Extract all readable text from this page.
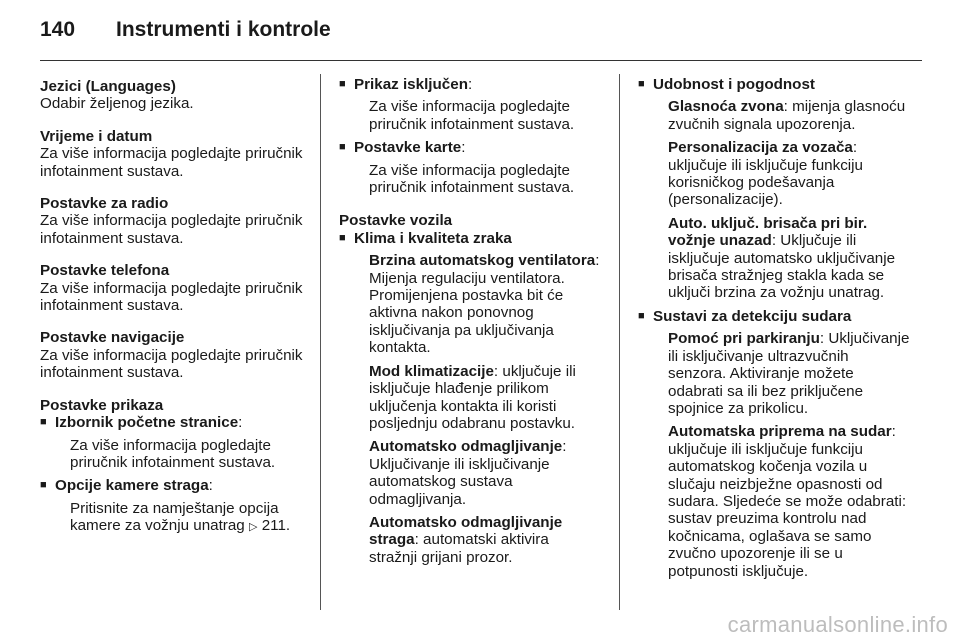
140 Instrumenti i kontrole
Jezici (Languages)
Odabir željenog jezika.
Vrijeme i datum
Za više informacija pogledajte priručnik infotainment sustava.
Postavke za radio
Za više informacija pogledajte priručnik infotainment sustava.
Postavke telefona
Za više informacija pogledajte priručnik infotainment sustava.
Postavke navigacije
Za više informacija pogledajte priručnik infotainment sustava.
Postavke prikaza
■ Izbornik početne stranice:
Za više informacija pogledajte priručnik infotainment sustava.
■ Opcije kamere straga:
Pritisnite za namještanje opcija kamere za vožnju unatrag ▷ 211.
■ Prikaz isključen:
Za više informacija pogledajte priručnik infotainment sustava.
■ Postavke karte:
Za više informacija pogledajte priručnik infotainment sustava.
Postavke vozila
■ Klima i kvaliteta zraka
Brzina automatskog ventilatora: Mijenja regulaciju ventilatora. Promijenjena postavka bit će aktivna nakon ponovnog isključivanja pa uključivanja kontakta.
Mod klimatizacije: uključuje ili isključuje hlađenje prilikom uključenja kontakta ili koristi posljednju odabranu postavku.
Automatsko odmagljivanje: Uključivanje ili isključivanje automatskog sustava odmagljivanja.
Automatsko odmagljivanje straga: automatski aktivira stražnji grijani prozor.
■ Udobnost i pogodnost
Glasnoća zvona: mijenja glasnoću zvučnih signala upozorenja.
Personalizacija za vozača: uključuje ili isključuje funkciju korisničkog podešavanja (personalizacije).
Auto. uključ. brisača pri bir. vožnje unazad: Uključuje ili isključuje automatsko uključivanje brisača stražnjeg stakla kada se uključi brzina za vožnju unatrag.
■ Sustavi za detekciju sudara
Pomoć pri parkiranju: Uključivanje ili isključivanje ultrazvučnih senzora. Aktiviranje možete odabrati sa ili bez priključene spojnice za prikolicu.
Automatska priprema na sudar: uključuje ili isključuje funkciju automatskog kočenja vozila u slučaju neizbježne opasnosti od sudara. Sljedeće se može odabrati: sustav preuzima kontrolu nad kočnicama, oglašava se samo zvučno upozorenje ili se u potpunosti isključuje.
carmanualsonline.info
